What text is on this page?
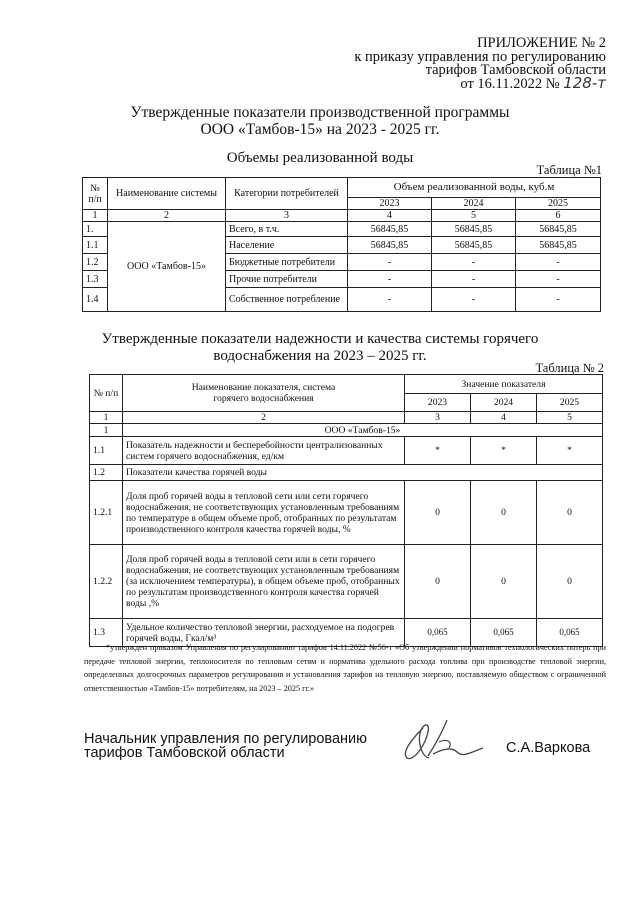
ПРИЛОЖЕНИЕ № 2
к приказу управления по регулированию
тарифов Тамбовской области
от 16.11.2022 № 128-т
Утвержденные показатели производственной программы
ООО «Тамбов-15» на 2023 - 2025 гг.
Объемы реализованной воды
Таблица №1
№ п/п	Наименование системы	Категории потребителей	Объем реализованной воды, куб.м		
			2023	2024	2025
1	2	3	4	5	6
1.	ООО «Тамбов-15»	Всего, в т.ч.	56845,85	56845,85	56845,85
1.1		Население	56845,85	56845,85	56845,85
1.2		Бюджетные потребители	-	-	-
1.3		Прочие потребители	-	-	-
1.4		Собственное потребление	-	-	-
Утвержденные показатели надежности и качества системы горячего
водоснабжения на 2023 – 2025 гг.
Таблица № 2
№ п/п	Наименование показателя, система горячего водоснабжения	Значение показателя		
		2023	2024	2025
1	2	3	4	5
1	ООО «Тамбов-15»			
1.1	Показатель надежности и бесперебойности централизованных систем горячего водоснабжения, ед/км	*	*	*
1.2	Показатели качества горячей воды			
1.2.1	Доля проб горячей воды в тепловой сети или сети горячего водоснабжения, не соответствующих установленным требованиям по температуре в общем объеме проб, отобранных по результатам производственного контроля качества горячей воды, %	0	0	0
1.2.2	Доля проб горячей воды в тепловой сети или в сети горячего водоснабжения, не соответствующих установленным требованиям (за исключением температуры), в общем объеме проб, отобранных по результатам производственного контроля качества горячей воды ,%	0	0	0
1.3	Удельное количество тепловой энергии, расходуемое на подогрев горячей воды, Гкал/м³	0,065	0,065	0,065
*утвержден приказом Управления по регулированию тарифов 14.11.2022 №56-т «Об утверждении нормативов технологических потерь при передаче тепловой энергии, теплоносителя по тепловым сетям и норматива удельного расхода топлива при производстве тепловой энергии, определенных долгосрочных параметров регулирования и установления тарифов на тепловую энергию, поставляемую обществом с ограниченной ответственностью «Тамбов-15» потребителям, на 2023 – 2025 гг.»
Начальник управления по регулированию
тарифов Тамбовской области	С.А.Варкова
